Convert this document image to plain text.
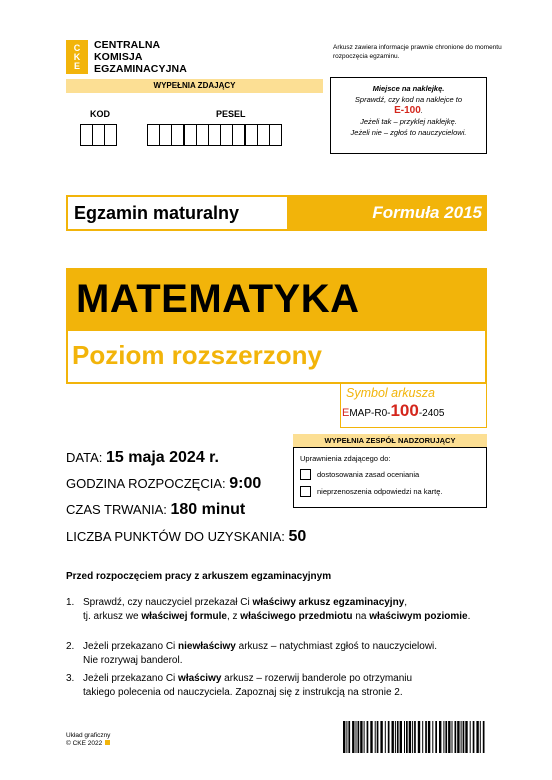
C
K
E
CENTRALNA
KOMISJA
EGZAMINACYJNA
Arkusz zawiera informacje prawnie chronione do momentu rozpoczęcia egzaminu.
WYPEŁNIA ZDAJĄCY
KOD	PESEL
Miejsce na naklejkę.
Sprawdź, czy kod na naklejce to
E-100.
Jeżeli tak – przyklej naklejkę.
Jeżeli nie – zgłoś to nauczycielowi.
Egzamin maturalny	Formuła 2015
MATEMATYKA
Poziom rozszerzony
Symbol arkusza
EMAP-R0-100-2405
DATA: 15 maja 2024 r.
GODZINA ROZPOCZĘCIA: 9:00
CZAS TRWANIA: 180 minut
LICZBA PUNKTÓW DO UZYSKANIA: 50
WYPEŁNIA ZESPÓŁ NADZORUJĄCY
Uprawnienia zdającego do:
dostosowania zasad oceniania
nieprzenoszenia odpowiedzi na kartę.
Przed rozpoczęciem pracy z arkuszem egzaminacyjnym
1. Sprawdź, czy nauczyciel przekazał Ci właściwy arkusz egzaminacyjny,
tj. arkusz we właściwej formule, z właściwego przedmiotu na właściwym poziomie.
2. Jeżeli przekazano Ci niewłaściwy arkusz – natychmiast zgłoś to nauczycielowi.
Nie rozrywaj banderol.
3. Jeżeli przekazano Ci właściwy arkusz – rozerwij banderole po otrzymaniu
takiego polecenia od nauczyciela. Zapoznaj się z instrukcją na stronie 2.
Układ graficzny
© CKE 2022
